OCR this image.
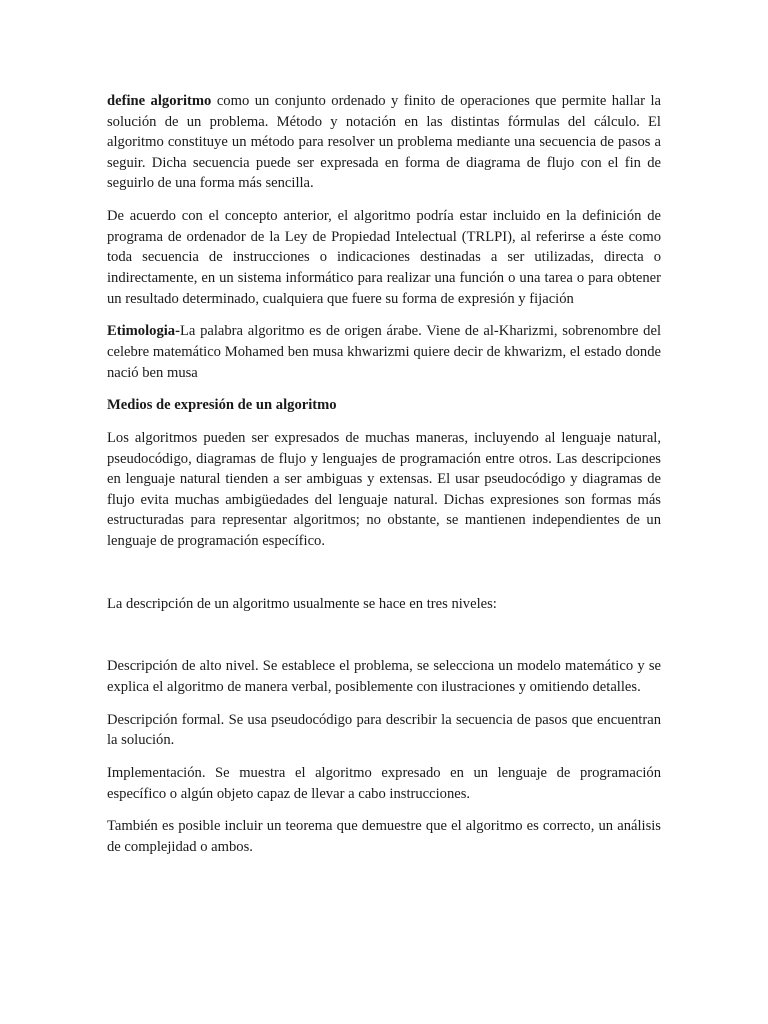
define algoritmo como un conjunto ordenado y finito de operaciones que permite hallar la solución de un problema. Método y notación en las distintas fórmulas del cálculo. El algoritmo constituye un método para resolver un problema mediante una secuencia de pasos a seguir. Dicha secuencia puede ser expresada en forma de diagrama de flujo con el fin de seguirlo de una forma más sencilla.

De acuerdo con el concepto anterior, el algoritmo podría estar incluido en la definición de programa de ordenador de la Ley de Propiedad Intelectual (TRLPI), al referirse a éste como toda secuencia de instrucciones o indicaciones destinadas a ser utilizadas, directa o indirectamente, en un sistema informático para realizar una función o una tarea o para obtener un resultado determinado, cualquiera que fuere su forma de expresión y fijación

Etimologia-La palabra algoritmo es de origen árabe. Viene de al-Kharizmi, sobrenombre del celebre matemático Mohamed ben musa khwarizmi quiere decir de khwarizm, el estado donde nació ben musa

Medios de expresión de un algoritmo

Los algoritmos pueden ser expresados de muchas maneras, incluyendo al lenguaje natural, pseudocódigo, diagramas de flujo y lenguajes de programación entre otros. Las descripciones en lenguaje natural tienden a ser ambiguas y extensas. El usar pseudocódigo y diagramas de flujo evita muchas ambigüedades del lenguaje natural. Dichas expresiones son formas más estructuradas para representar algoritmos; no obstante, se mantienen independientes de un lenguaje de programación específico.

La descripción de un algoritmo usualmente se hace en tres niveles:

Descripción de alto nivel. Se establece el problema, se selecciona un modelo matemático y se explica el algoritmo de manera verbal, posiblemente con ilustraciones y omitiendo detalles.

Descripción formal. Se usa pseudocódigo para describir la secuencia de pasos que encuentran la solución.

Implementación. Se muestra el algoritmo expresado en un lenguaje de programación específico o algún objeto capaz de llevar a cabo instrucciones.

También es posible incluir un teorema que demuestre que el algoritmo es correcto, un análisis de complejidad o ambos.
